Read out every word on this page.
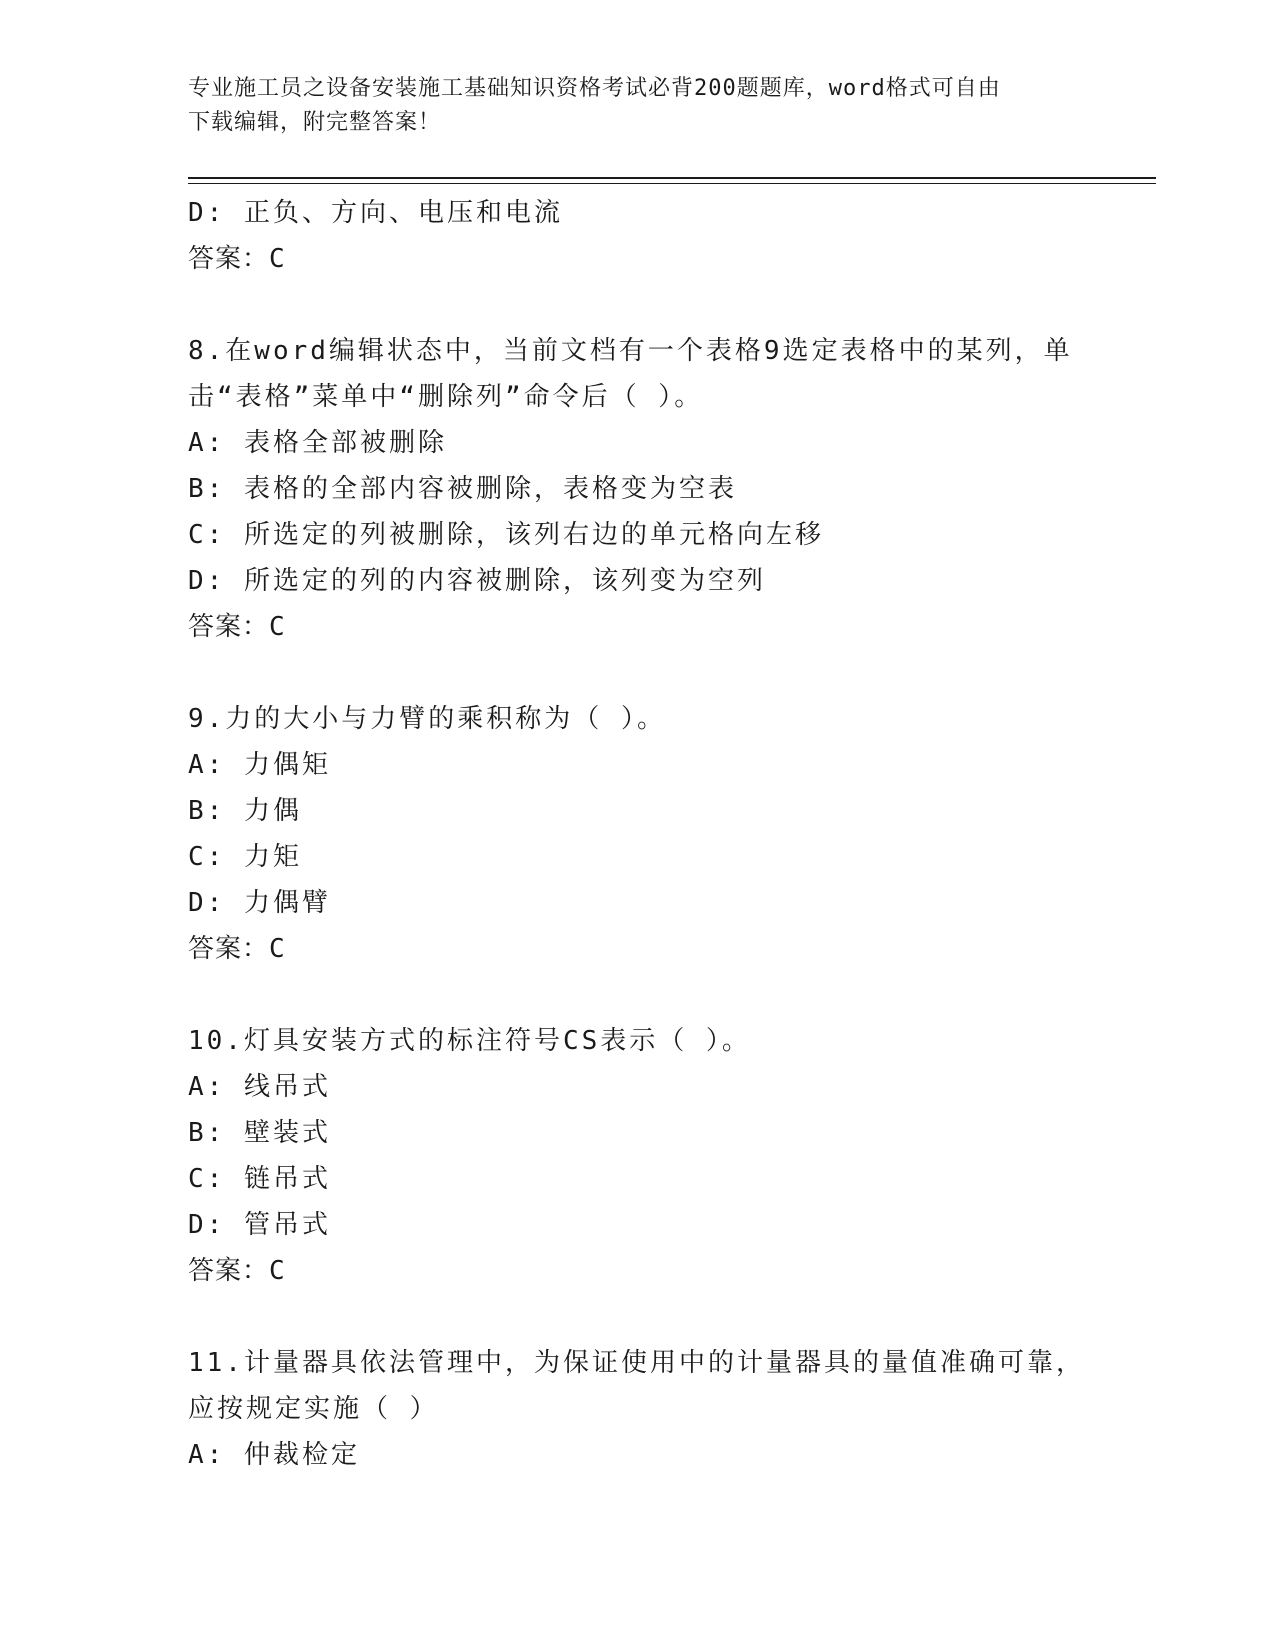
专业施工员之设备安装施工基础知识资格考试必背200题题库，word格式可自由
下载编辑，附完整答案！
D: 正负、方向、电压和电流
答案：C
8.在word编辑状态中，当前文档有一个表格9选定表格中的某列，单
击“表格”菜单中“删除列”命令后（ ）。
A: 表格全部被删除
B: 表格的全部内容被删除，表格变为空表
C: 所选定的列被删除，该列右边的单元格向左移
D: 所选定的列的内容被删除，该列变为空列
答案：C
9.力的大小与力臂的乘积称为（ ）。
A: 力偶矩
B: 力偶
C: 力矩
D: 力偶臂
答案：C
10.灯具安装方式的标注符号CS表示（ ）。
A: 线吊式
B: 壁装式
C: 链吊式
D: 管吊式
答案：C
11.计量器具依法管理中，为保证使用中的计量器具的量值准确可靠，
应按规定实施（ ）
A: 仲裁检定
